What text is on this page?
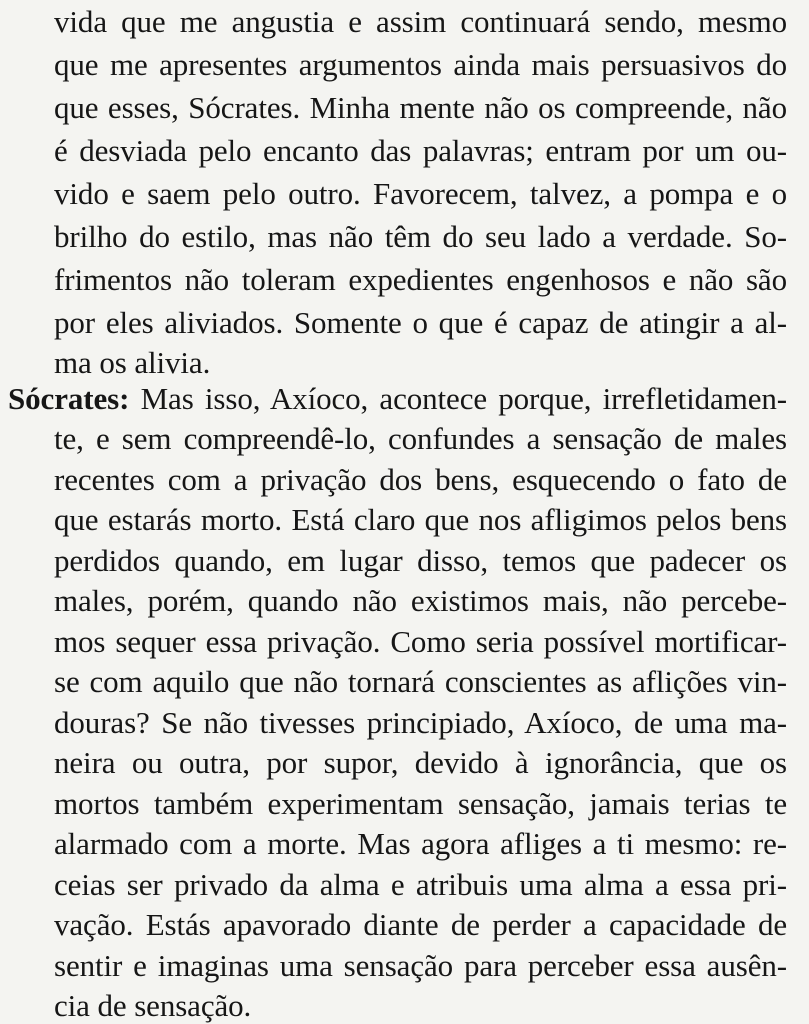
vida que me angustia e assim continuará sendo, mesmo
que me apresentes argumentos ainda mais persuasivos do
que esses, Sócrates. Minha mente não os compreende, não
é desviada pelo encanto das palavras; entram por um ou-
vido e saem pelo outro. Favorecem, talvez, a pompa e o
brilho do estilo, mas não têm do seu lado a verdade. So-
frimentos não toleram expedientes engenhosos e não são
por eles aliviados. Somente o que é capaz de atingir a al-
ma os alivia.
Sócrates: Mas isso, Axíoco, acontece porque, irrefletidamen-
te, e sem compreendê-lo, confundes a sensação de males
recentes com a privação dos bens, esquecendo o fato de
que estarás morto. Está claro que nos afligimos pelos bens
perdidos quando, em lugar disso, temos que padecer os
males, porém, quando não existimos mais, não percebe-
mos sequer essa privação. Como seria possível mortificar-
se com aquilo que não tornará conscientes as aflições vin-
douras? Se não tivesses principiado, Axíoco, de uma ma-
neira ou outra, por supor, devido à ignorância, que os
mortos também experimentam sensação, jamais terias te
alarmado com a morte. Mas agora afliges a ti mesmo: re-
ceias ser privado da alma e atribuis uma alma a essa pri-
vação. Estás apavorado diante de perder a capacidade de
sentir e imaginas uma sensação para perceber essa ausên-
cia de sensação.
